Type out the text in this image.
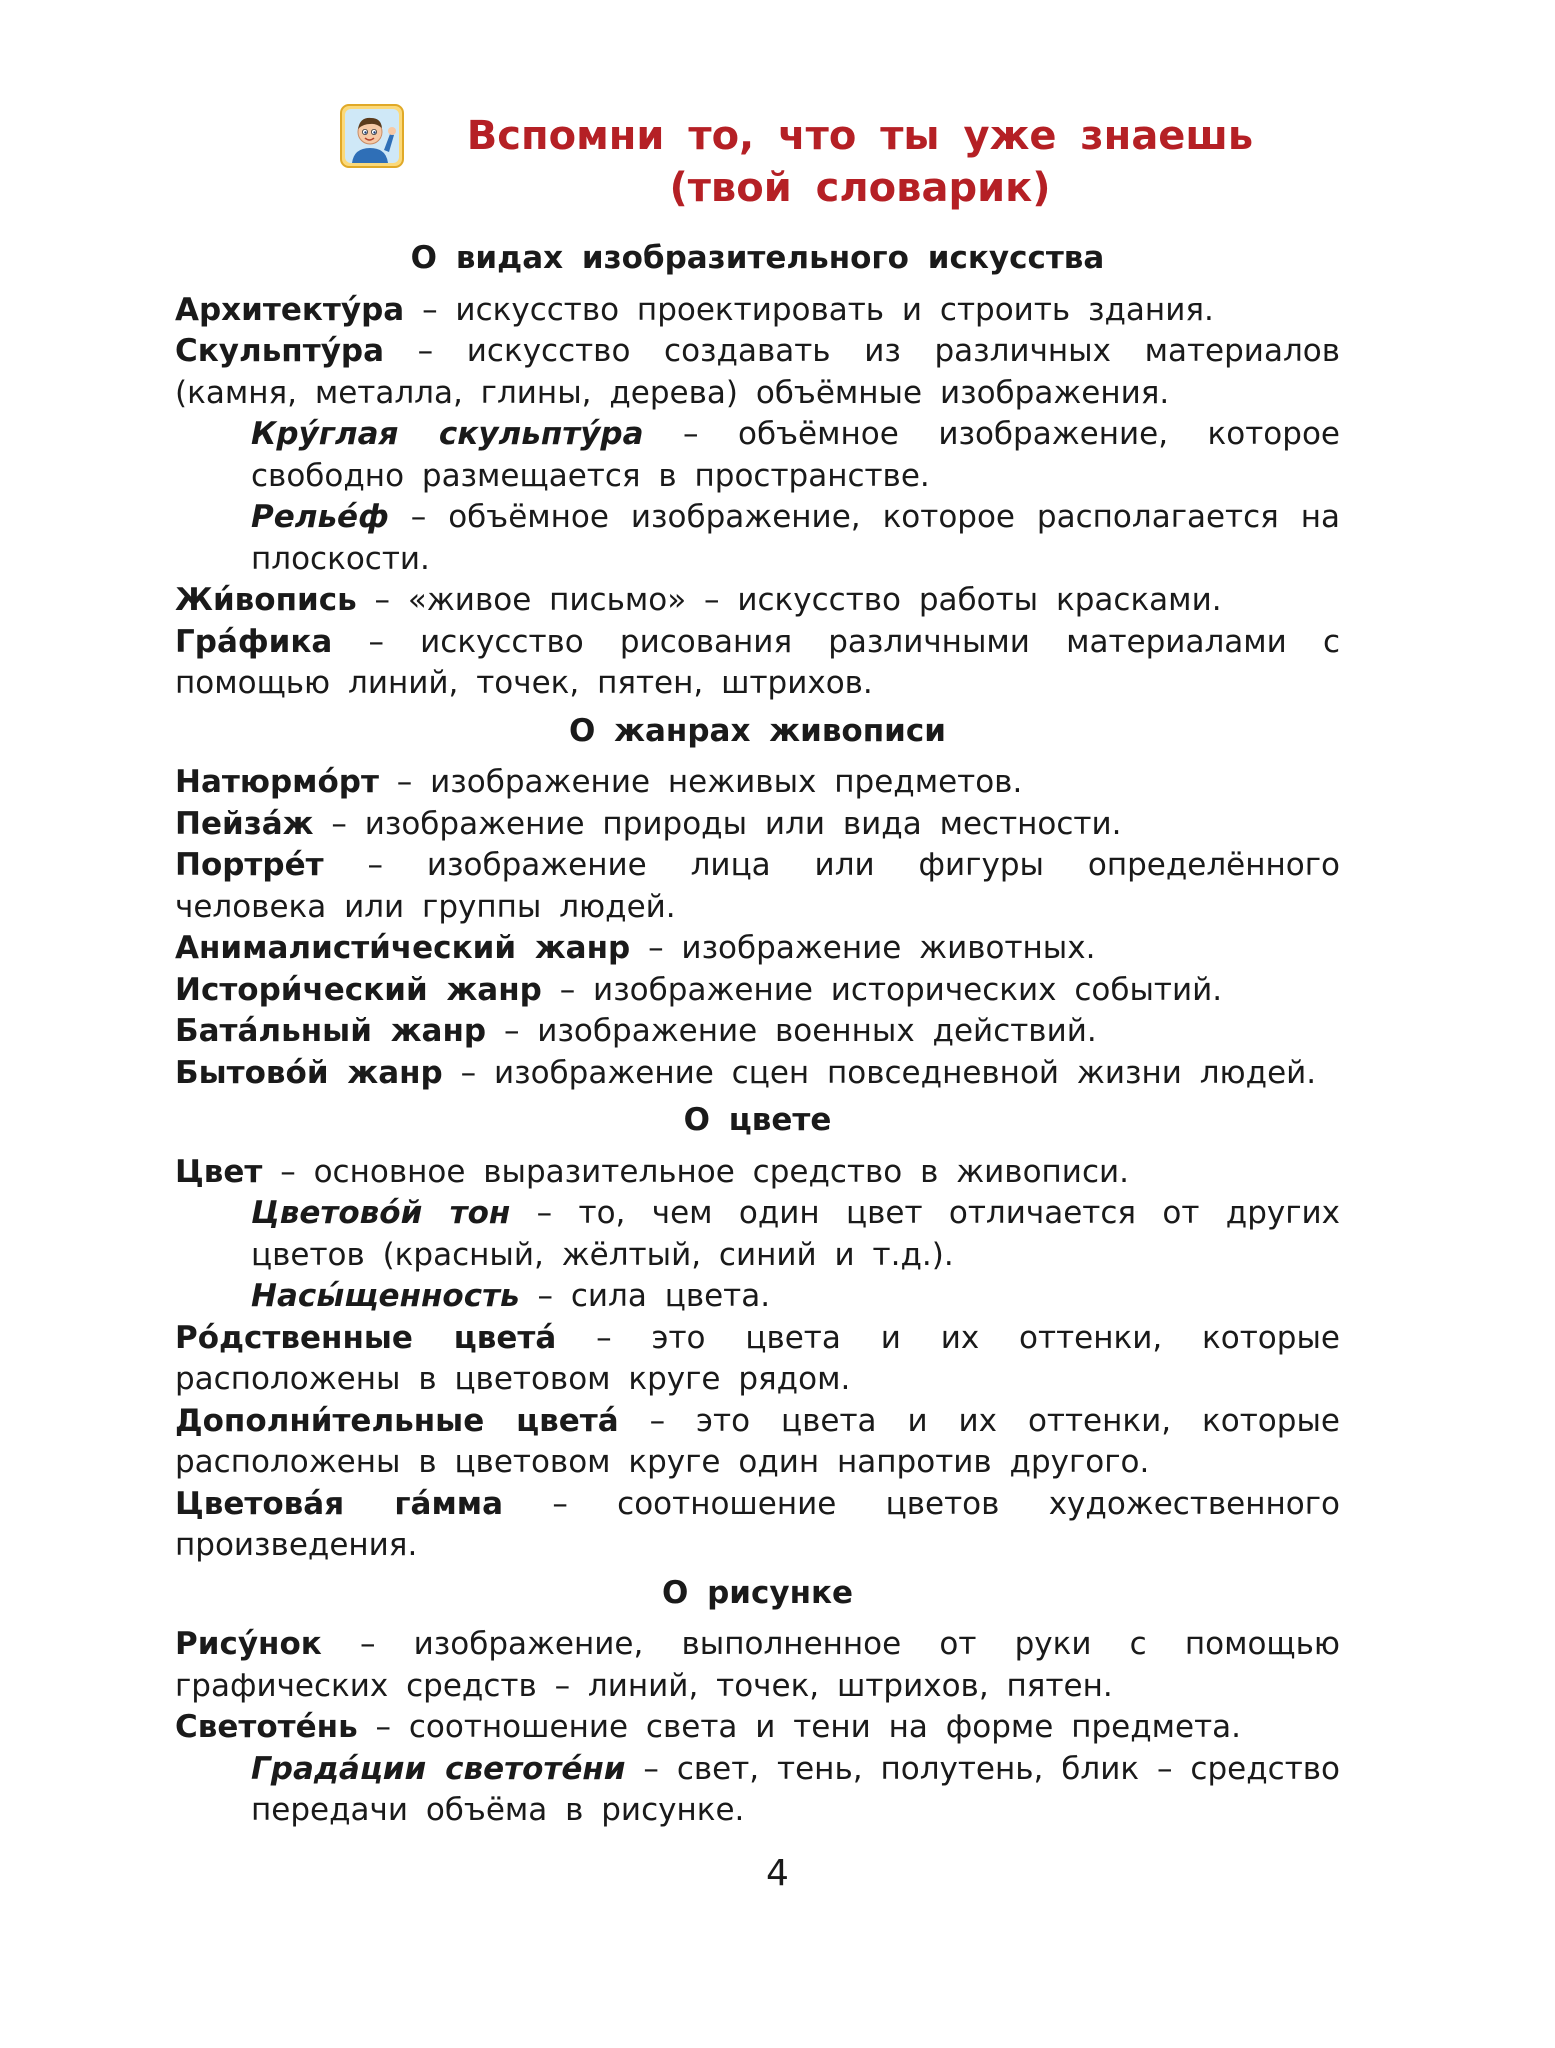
Вспомни то, что ты уже знаешь
(твой словарик)

О видах изобразительного искусства

Архитекту́ра – искусство проектировать и строить здания.

Скульпту́ра – искусство создавать из различных материалов (камня, металла, глины, дерева) объёмные изображения.

Кру́глая скульпту́ра – объёмное изображение, которое свободно размещается в пространстве.

Релье́ф – объёмное изображение, которое располагается на плоскости.

Жи́вопись – «живое письмо» – искусство работы красками.

Гра́фика – искусство рисования различными материалами с помощью линий, точек, пятен, штрихов.

О жанрах живописи

Натюрмо́рт – изображение неживых предметов.

Пейза́ж – изображение природы или вида местности.

Портре́т – изображение лица или фигуры определённого человека или группы людей.

Анималисти́ческий жанр – изображение животных.

Истори́ческий жанр – изображение исторических событий.

Бата́льный жанр – изображение военных действий.

Бытово́й жанр – изображение сцен повседневной жизни людей.

О цвете

Цвет – основное выразительное средство в живописи.

Цветово́й тон – то, чем один цвет отличается от других цветов (красный, жёлтый, синий и т.д.).

Насы́щенность – сила цвета.

Ро́дственные цвета́ – это цвета и их оттенки, которые расположены в цветовом круге рядом.

Дополни́тельные цвета́ – это цвета и их оттенки, которые расположены в цветовом круге один напротив другого.

Цветова́я га́мма – соотношение цветов художественного произведения.

О рисунке

Рису́нок – изображение, выполненное от руки с помощью графических средств – линий, точек, штрихов, пятен.

Светоте́нь – соотношение света и тени на форме предмета.

Града́ции светоте́ни – свет, тень, полутень, блик – средство передачи объёма в рисунке.

4
